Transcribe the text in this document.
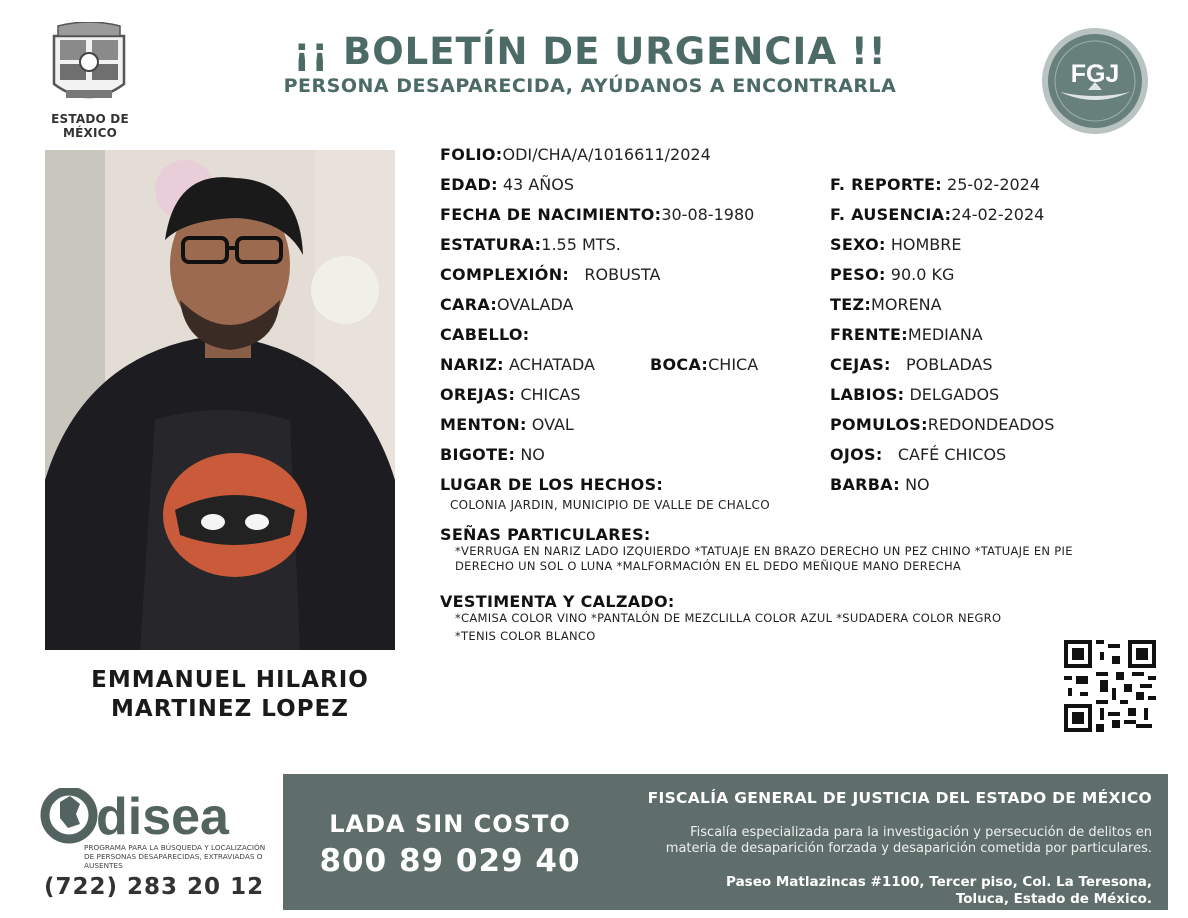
ESTADO DE MÉXICO
¡¡ BOLETÍN DE URGENCIA !!
PERSONA DESAPARECIDA, AYÚDANOS A ENCONTRARLA	FGJ
EMMANUEL HILARIO
MARTINEZ LOPEZ
FOLIO:ODI/CHA/A/1016611/2024
EDAD: 43 AÑOS	F. REPORTE: 25-02-2024
FECHA DE NACIMIENTO:30-08-1980	F. AUSENCIA:24-02-2024
ESTATURA:1.55 MTS.	SEXO: HOMBRE
COMPLEXIÓN: ROBUSTA	PESO: 90.0 KG
CARA:OVALADA	TEZ:MORENA
CABELLO:	FRENTE:MEDIANA
NARIZ: ACHATADA	BOCA:CHICA	CEJAS: POBLADAS
OREJAS: CHICAS	LABIOS: DELGADOS
MENTON: OVAL	POMULOS:REDONDEADOS
BIGOTE: NO	OJOS: CAFÉ CHICOS
LUGAR DE LOS HECHOS:	BARBA: NO
COLONIA JARDIN, MUNICIPIO DE VALLE DE CHALCO
SEÑAS PARTICULARES:
*VERRUGA EN NARIZ LADO IZQUIERDO *TATUAJE EN BRAZO DERECHO UN PEZ CHINO *TATUAJE EN PIE
DERECHO UN SOL O LUNA *MALFORMACIÓN EN EL DEDO MEÑIQUE MANO DERECHA
VESTIMENTA Y CALZADO:
*CAMISA COLOR VINO *PANTALÓN DE MEZCLILLA COLOR AZUL *SUDADERA COLOR NEGRO
*TENIS COLOR BLANCO
disea
PROGRAMA PARA LA BÚSQUEDA Y LOCALIZACIÓN
DE PERSONAS DESAPARECIDAS, EXTRAVIADAS O
AUSENTES
(722) 283 20 12
LADA SIN COSTO
800 89 029 40
FISCALÍA GENERAL DE JUSTICIA DEL ESTADO DE MÉXICO
Fiscalía especializada para la investigación y persecución de delitos en
materia de desaparición forzada y desaparición cometida por particulares.
Paseo Matlazincas #1100, Tercer piso, Col. La Teresona,
Toluca, Estado de México.
